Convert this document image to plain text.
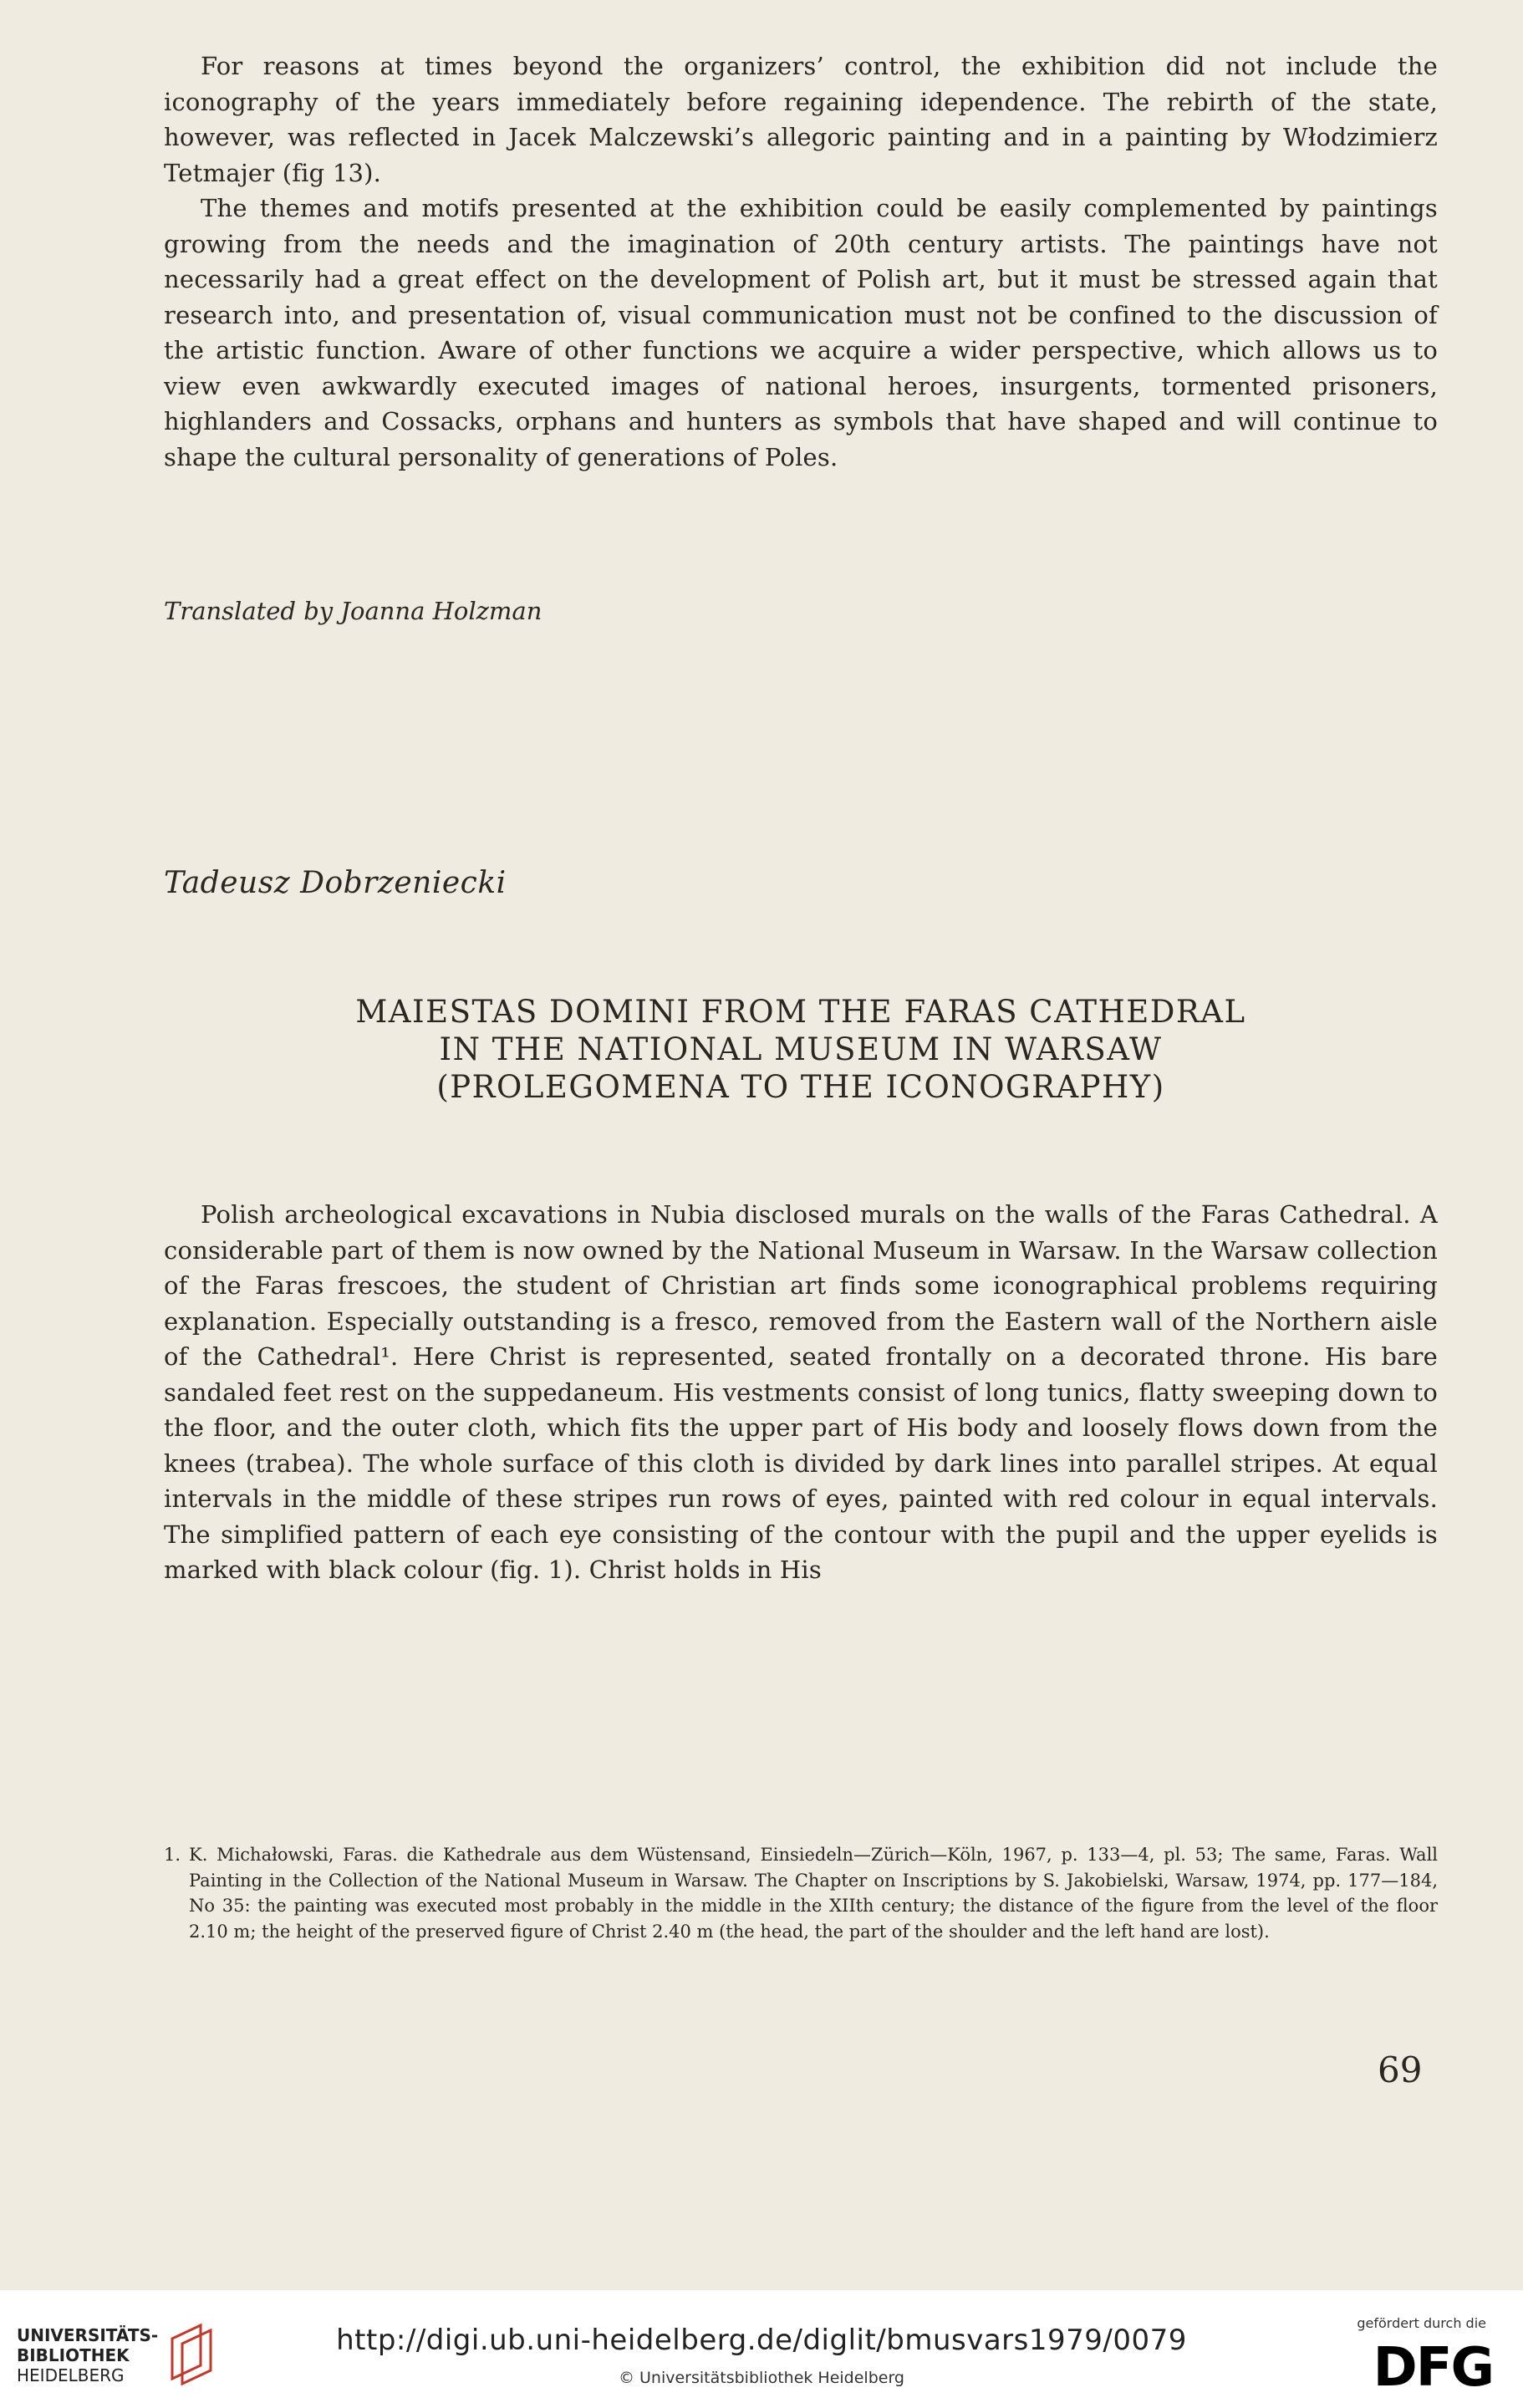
For reasons at times beyond the organizers’ control, the exhibition did not include the iconography of the years immediately before regaining idependence. The rebirth of the state, however, was reflected in Jacek Malczewski’s allegoric painting and in a painting by Włodzimierz Tetmajer (fig 13).

The themes and motifs presented at the exhibition could be easily complemented by paintings growing from the needs and the imagination of 20th century artists. The paintings have not necessarily had a great effect on the development of Polish art, but it must be stressed again that research into, and presentation of, visual communication must not be confined to the discussion of the artistic function. Aware of other functions we acquire a wider perspective, which allows us to view even awkwardly executed images of national heroes, insurgents, tormented prisoners, highlanders and Cossacks, orphans and hunters as symbols that have shaped and will continue to shape the cultural personality of generations of Poles.

Translated by Joanna Holzman
Tadeusz Dobrzeniecki
MAIESTAS DOMINI FROM THE FARAS CATHEDRAL
IN THE NATIONAL MUSEUM IN WARSAW
(PROLEGOMENA TO THE ICONOGRAPHY)

Polish archeological excavations in Nubia disclosed murals on the walls of the Faras Cathedral. A considerable part of them is now owned by the National Museum in Warsaw. In the Warsaw collection of the Faras frescoes, the student of Christian art finds some iconographical problems requiring explanation. Especially outstanding is a fresco, removed from the Eastern wall of the Northern aisle of the Cathedral¹. Here Christ is represented, seated frontally on a decorated throne. His bare sandaled feet rest on the suppedaneum. His vestments consist of long tunics, flatty sweeping down to the floor, and the outer cloth, which fits the upper part of His body and loosely flows down from the knees (trabea). The whole surface of this cloth is divided by dark lines into parallel stripes. At equal intervals in the middle of these stripes run rows of eyes, painted with red colour in equal intervals. The simplified pattern of each eye consisting of the contour with the pupil and the upper eyelids is marked with black colour (fig. 1). Christ holds in His

1. K. Michałowski, Faras. die Kathedrale aus dem Wüstensand, Einsiedeln—Zürich—Köln, 1967, p. 133—4, pl. 53; The same, Faras. Wall Painting in the Collection of the National Museum in Warsaw. The Chapter on Inscriptions by S. Jakobielski, Warsaw, 1974, pp. 177—184, No 35: the painting was executed most probably in the middle in the XIIth century; the distance of the figure from the level of the floor 2.10 m; the height of the preserved figure of Christ 2.40 m (the head, the part of the shoulder and the left hand are lost).
69
UNIVERSITÄTS-
BIBLIOTHEK
HEIDELBERG
http://digi.ub.uni-heidelberg.de/diglit/bmusvars1979/0079
© Universitätsbibliothek Heidelberg
gefördert durch die
DFG
